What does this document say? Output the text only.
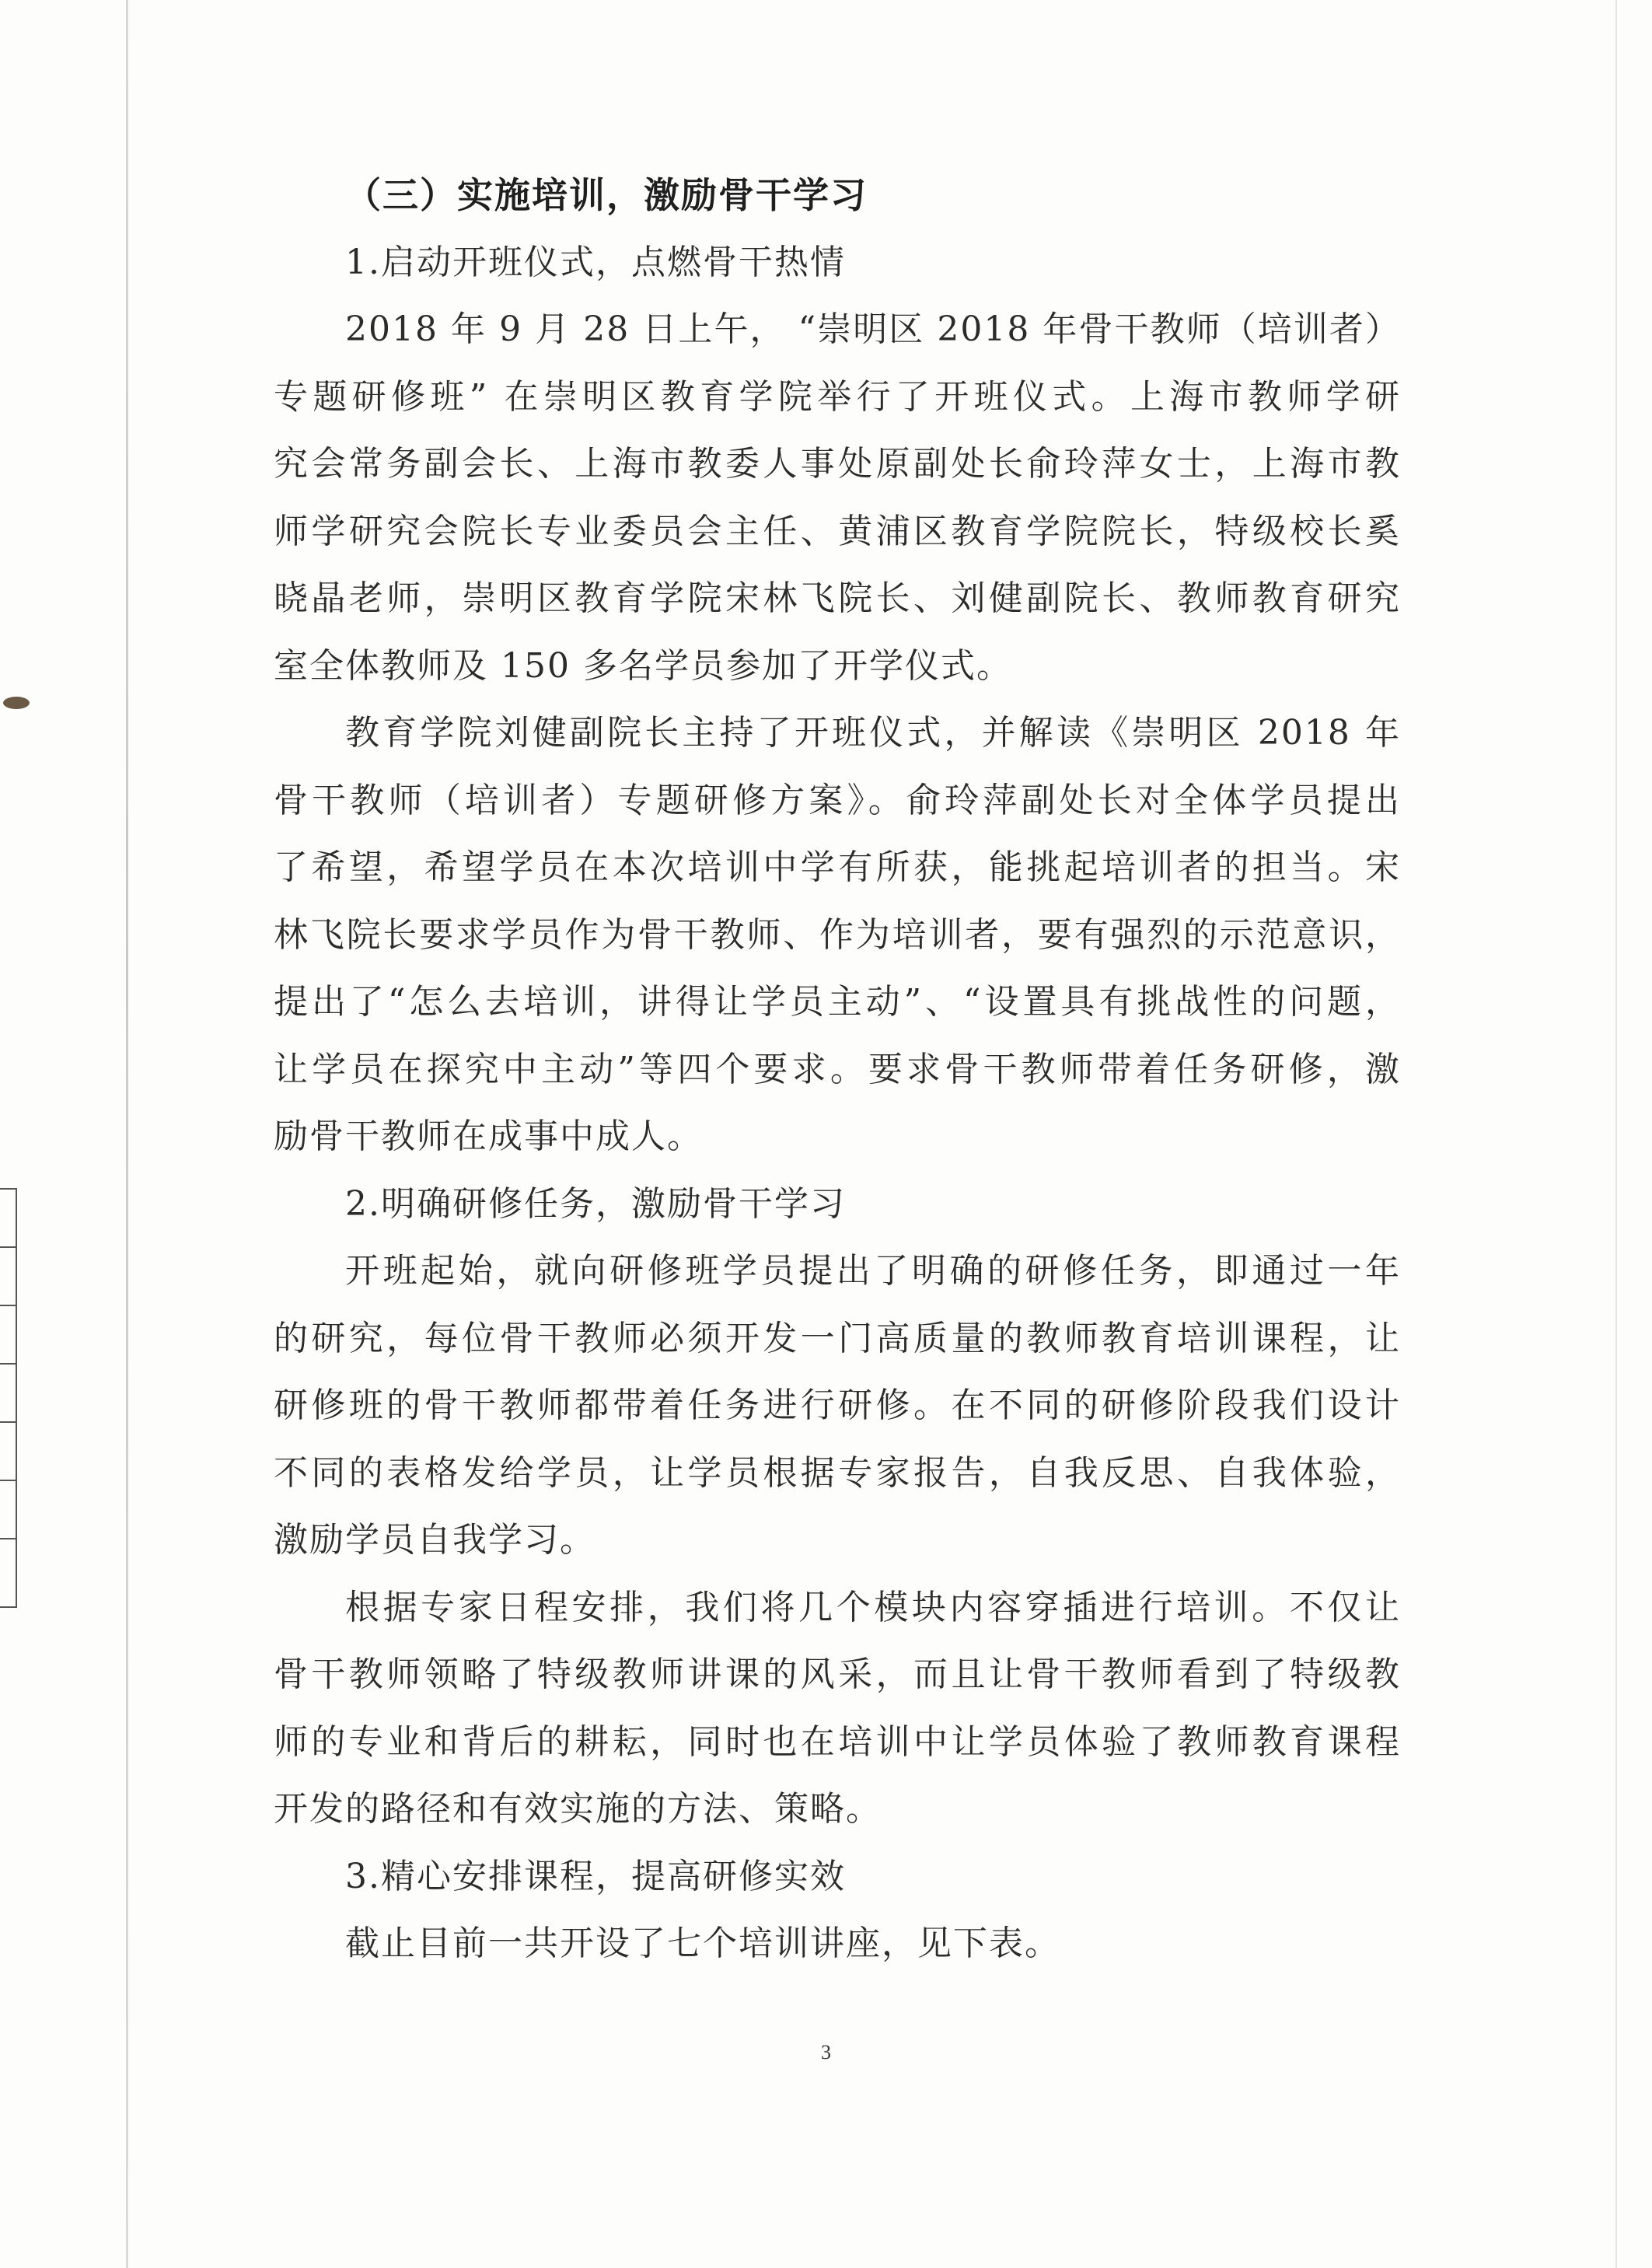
（三）实施培训，激励骨干学习
1.启动开班仪式，点燃骨干热情
2018 年 9 月 28 日上午， “崇明区 2018 年骨干教师（培训者）
专题研修班” 在崇明区教育学院举行了开班仪式。上海市教师学研
究会常务副会长、上海市教委人事处原副处长俞玲萍女士，上海市教
师学研究会院长专业委员会主任、黄浦区教育学院院长，特级校长奚
晓晶老师，崇明区教育学院宋林飞院长、刘健副院长、教师教育研究
室全体教师及 150 多名学员参加了开学仪式。
教育学院刘健副院长主持了开班仪式，并解读《崇明区 2018 年
骨干教师（培训者）专题研修方案》。俞玲萍副处长对全体学员提出
了希望，希望学员在本次培训中学有所获，能挑起培训者的担当。宋
林飞院长要求学员作为骨干教师、作为培训者，要有强烈的示范意识，
提出了“怎么去培训，讲得让学员主动”、“设置具有挑战性的问题，
让学员在探究中主动”等四个要求。要求骨干教师带着任务研修，激
励骨干教师在成事中成人。
2.明确研修任务，激励骨干学习
开班起始，就向研修班学员提出了明确的研修任务，即通过一年
的研究，每位骨干教师必须开发一门高质量的教师教育培训课程，让
研修班的骨干教师都带着任务进行研修。在不同的研修阶段我们设计
不同的表格发给学员，让学员根据专家报告，自我反思、自我体验，
激励学员自我学习。
根据专家日程安排，我们将几个模块内容穿插进行培训。不仅让
骨干教师领略了特级教师讲课的风采，而且让骨干教师看到了特级教
师的专业和背后的耕耘，同时也在培训中让学员体验了教师教育课程
开发的路径和有效实施的方法、策略。
3.精心安排课程，提高研修实效
截止目前一共开设了七个培训讲座，见下表。
3
